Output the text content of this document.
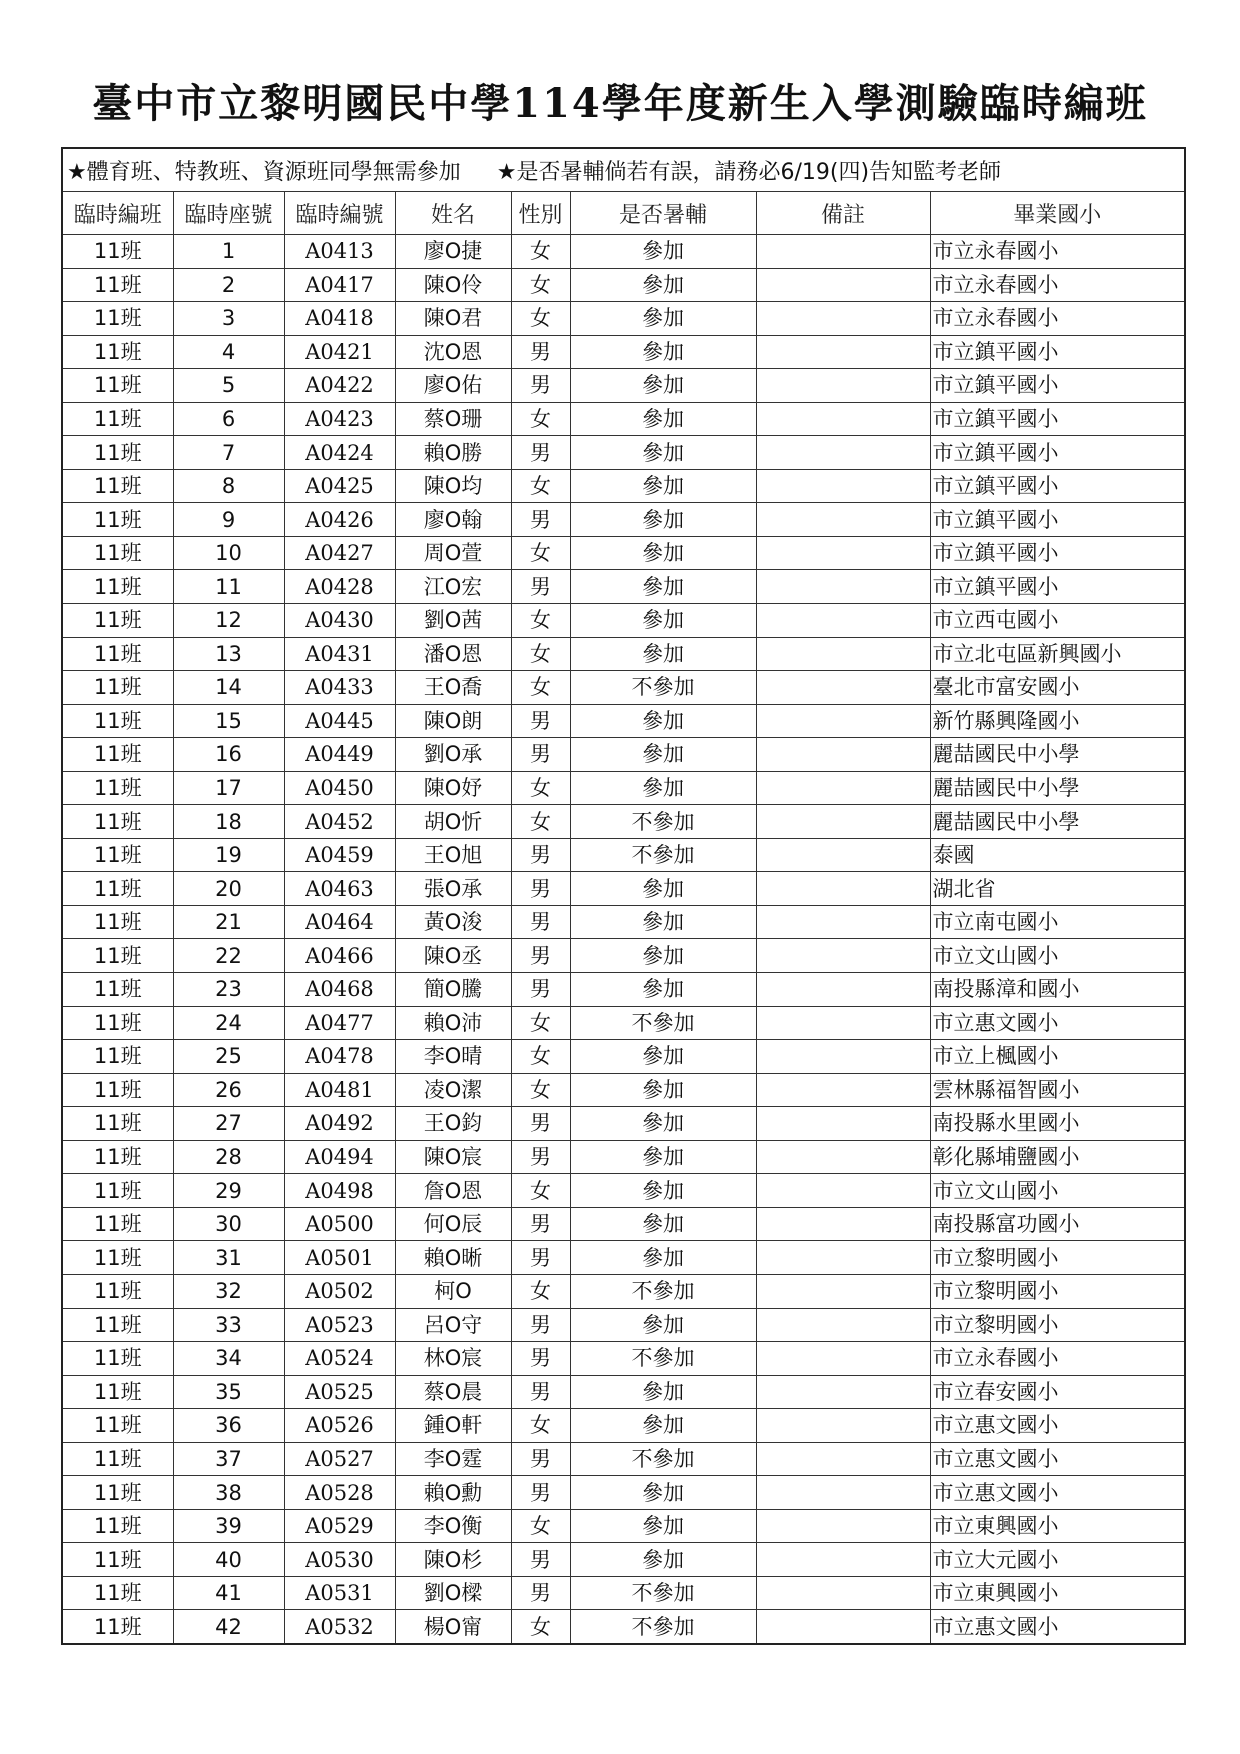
臺中市立黎明國民中學114學年度新生入學測驗臨時編班
★體育班、特教班、資源班同學無需參加 ★是否暑輔倘若有誤，請務必6/19(四)告知監考老師							
臨時編班	臨時座號	臨時編號	姓名	性別	是否暑輔	備註	畢業國小
11班	1	A0413	廖O捷	女	參加		市立永春國小
11班	2	A0417	陳O伶	女	參加		市立永春國小
11班	3	A0418	陳O君	女	參加		市立永春國小
11班	4	A0421	沈O恩	男	參加		市立鎮平國小
11班	5	A0422	廖O佑	男	參加		市立鎮平國小
11班	6	A0423	蔡O珊	女	參加		市立鎮平國小
11班	7	A0424	賴O勝	男	參加		市立鎮平國小
11班	8	A0425	陳O均	女	參加		市立鎮平國小
11班	9	A0426	廖O翰	男	參加		市立鎮平國小
11班	10	A0427	周O萱	女	參加		市立鎮平國小
11班	11	A0428	江O宏	男	參加		市立鎮平國小
11班	12	A0430	劉O茜	女	參加		市立西屯國小
11班	13	A0431	潘O恩	女	參加		市立北屯區新興國小
11班	14	A0433	王O喬	女	不參加		臺北市富安國小
11班	15	A0445	陳O朗	男	參加		新竹縣興隆國小
11班	16	A0449	劉O承	男	參加		麗喆國民中小學
11班	17	A0450	陳O妤	女	參加		麗喆國民中小學
11班	18	A0452	胡O忻	女	不參加		麗喆國民中小學
11班	19	A0459	王O旭	男	不參加		泰國
11班	20	A0463	張O承	男	參加		湖北省
11班	21	A0464	黃O浚	男	參加		市立南屯國小
11班	22	A0466	陳O丞	男	參加		市立文山國小
11班	23	A0468	簡O騰	男	參加		南投縣漳和國小
11班	24	A0477	賴O沛	女	不參加		市立惠文國小
11班	25	A0478	李O晴	女	參加		市立上楓國小
11班	26	A0481	凌O潔	女	參加		雲林縣福智國小
11班	27	A0492	王O鈞	男	參加		南投縣水里國小
11班	28	A0494	陳O宸	男	參加		彰化縣埔鹽國小
11班	29	A0498	詹O恩	女	參加		市立文山國小
11班	30	A0500	何O辰	男	參加		南投縣富功國小
11班	31	A0501	賴O晰	男	參加		市立黎明國小
11班	32	A0502	柯O	女	不參加		市立黎明國小
11班	33	A0523	呂O守	男	參加		市立黎明國小
11班	34	A0524	林O宸	男	不參加		市立永春國小
11班	35	A0525	蔡O晨	男	參加		市立春安國小
11班	36	A0526	鍾O軒	女	參加		市立惠文國小
11班	37	A0527	李O霆	男	不參加		市立惠文國小
11班	38	A0528	賴O勳	男	參加		市立惠文國小
11班	39	A0529	李O衡	女	參加		市立東興國小
11班	40	A0530	陳O杉	男	參加		市立大元國小
11班	41	A0531	劉O樑	男	不參加		市立東興國小
11班	42	A0532	楊O甯	女	不參加		市立惠文國小
